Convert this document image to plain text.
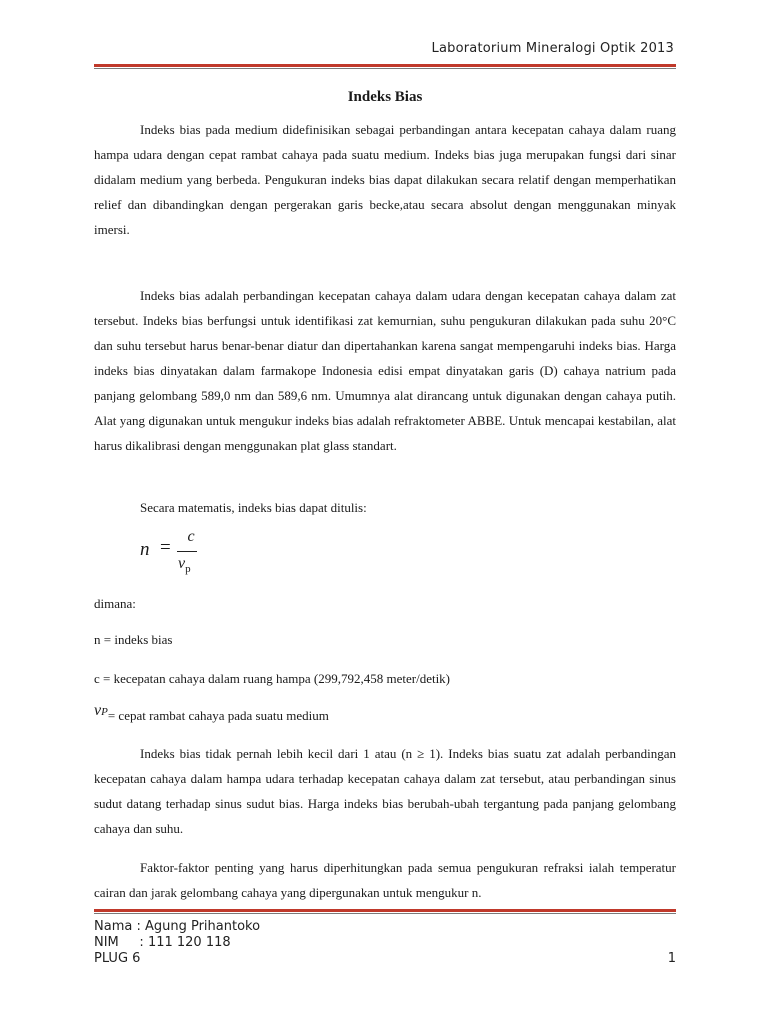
Laboratorium Mineralogi Optik 2013
Indeks Bias
Indeks bias pada medium didefinisikan sebagai perbandingan antara kecepatan cahaya dalam ruang hampa udara dengan cepat rambat cahaya pada suatu medium. Indeks bias juga merupakan fungsi dari sinar didalam medium yang berbeda. Pengukuran indeks bias dapat dilakukan secara relatif dengan memperhatikan relief dan dibandingkan dengan pergerakan garis becke,atau secara absolut dengan menggunakan minyak imersi.
Indeks bias adalah perbandingan kecepatan cahaya dalam udara dengan kecepatan cahaya dalam zat tersebut. Indeks bias berfungsi untuk identifikasi zat kemurnian, suhu pengukuran dilakukan pada suhu 20°C dan suhu tersebut harus benar-benar diatur dan dipertahankan karena sangat mempengaruhi indeks bias. Harga indeks bias dinyatakan dalam farmakope Indonesia edisi empat dinyatakan garis (D) cahaya natrium pada panjang gelombang 589,0 nm dan 589,6 nm. Umumnya alat dirancang untuk digunakan dengan cahaya putih. Alat yang digunakan untuk mengukur indeks bias adalah refraktometer ABBE. Untuk mencapai kestabilan, alat harus dikalibrasi dengan menggunakan plat glass standart.
Secara matematis, indeks bias dapat ditulis:
n =
c
$v_p$
dimana:
n = indeks bias
c = kecepatan cahaya dalam ruang hampa (299,792,458 meter/detik)
vP= cepat rambat cahaya pada suatu medium
Indeks bias tidak pernah lebih kecil dari 1 atau (n ≥ 1). Indeks bias suatu zat adalah perbandingan kecepatan cahaya dalam hampa udara terhadap kecepatan cahaya dalam zat tersebut, atau perbandingan sinus sudut datang terhadap sinus sudut bias. Harga indeks bias berubah-ubah tergantung pada panjang gelombang cahaya dan suhu.
Faktor-faktor penting yang harus diperhitungkan pada semua pengukuran refraksi ialah temperatur cairan dan jarak gelombang cahaya yang dipergunakan untuk mengukur n.
Nama : Agung Prihantoko
NIM     : 111 120 118
PLUG 6	1
